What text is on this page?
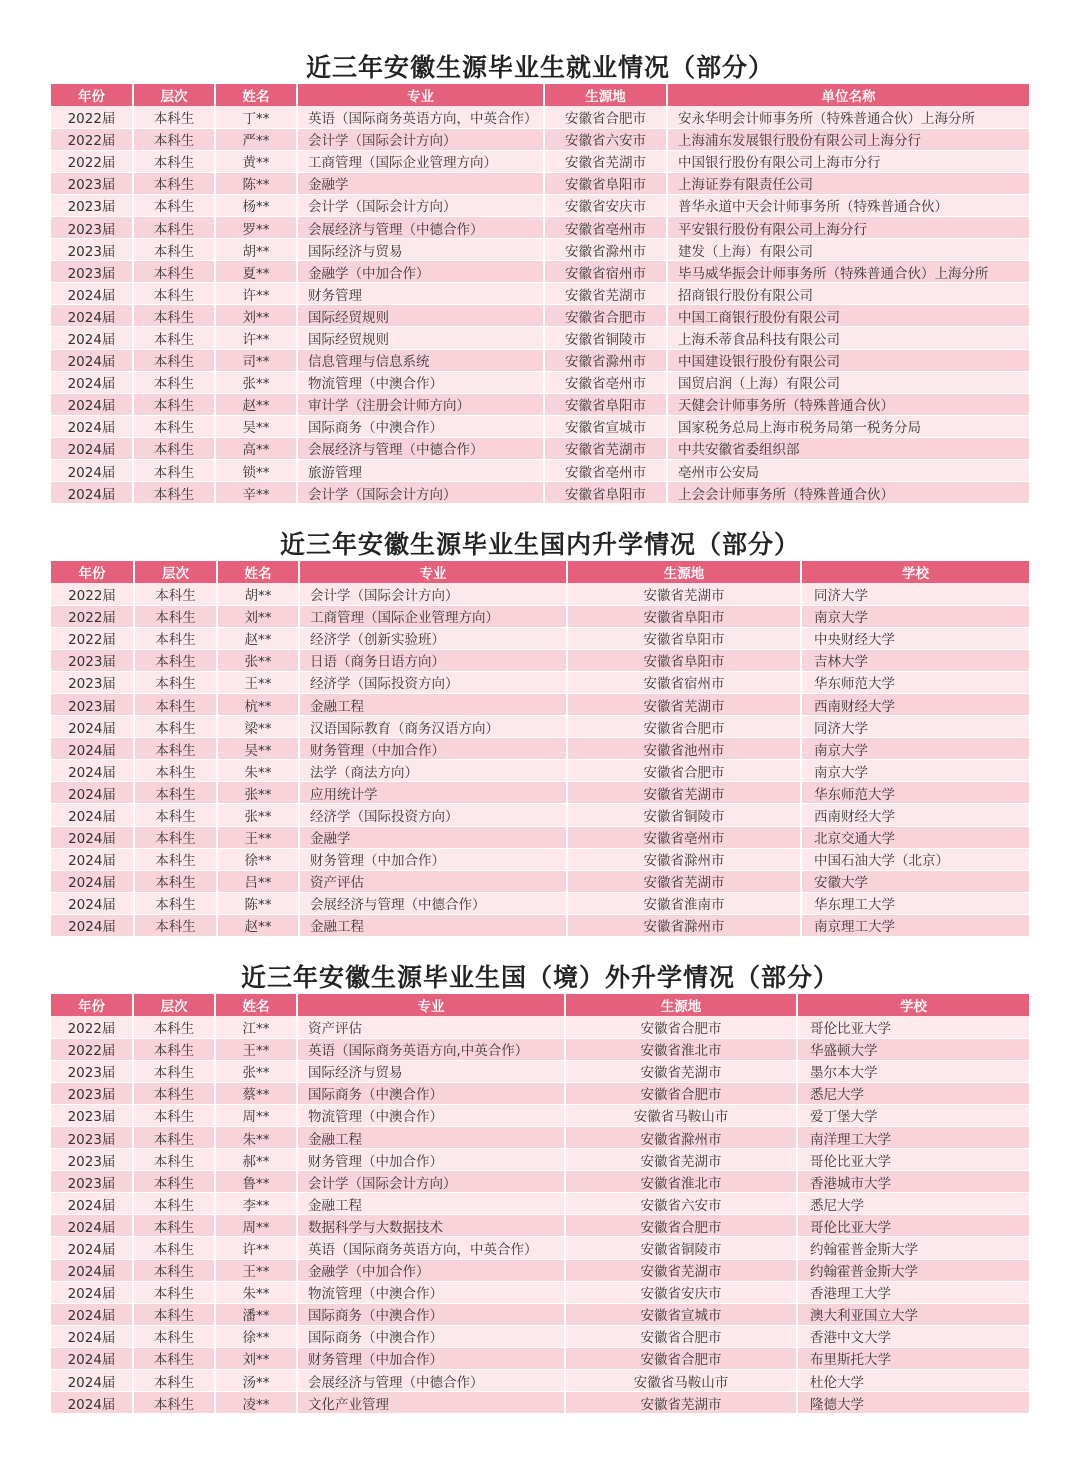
近三年安徽生源毕业生就业情况（部分）
年份	层次	姓名	专业	生源地	单位名称
2022届	本科生	丁**	英语（国际商务英语方向，中英合作）	安徽省合肥市	安永华明会计师事务所（特殊普通合伙）上海分所
2022届	本科生	严**	会计学（国际会计方向）	安徽省六安市	上海浦东发展银行股份有限公司上海分行
2022届	本科生	黄**	工商管理（国际企业管理方向）	安徽省芜湖市	中国银行股份有限公司上海市分行
2023届	本科生	陈**	金融学	安徽省阜阳市	上海证券有限责任公司
2023届	本科生	杨**	会计学（国际会计方向）	安徽省安庆市	普华永道中天会计师事务所（特殊普通合伙）
2023届	本科生	罗**	会展经济与管理（中德合作）	安徽省亳州市	平安银行股份有限公司上海分行
2023届	本科生	胡**	国际经济与贸易	安徽省滁州市	建发（上海）有限公司
2023届	本科生	夏**	金融学（中加合作）	安徽省宿州市	毕马威华振会计师事务所（特殊普通合伙）上海分所
2024届	本科生	许**	财务管理	安徽省芜湖市	招商银行股份有限公司
2024届	本科生	刘**	国际经贸规则	安徽省合肥市	中国工商银行股份有限公司
2024届	本科生	许**	国际经贸规则	安徽省铜陵市	上海禾蒂食品科技有限公司
2024届	本科生	司**	信息管理与信息系统	安徽省滁州市	中国建设银行股份有限公司
2024届	本科生	张**	物流管理（中澳合作）	安徽省亳州市	国贸启润（上海）有限公司
2024届	本科生	赵**	审计学（注册会计师方向）	安徽省阜阳市	天健会计师事务所（特殊普通合伙）
2024届	本科生	吴**	国际商务（中澳合作）	安徽省宣城市	国家税务总局上海市税务局第一税务分局
2024届	本科生	高**	会展经济与管理（中德合作）	安徽省芜湖市	中共安徽省委组织部
2024届	本科生	锁**	旅游管理	安徽省亳州市	亳州市公安局
2024届	本科生	辛**	会计学（国际会计方向）	安徽省阜阳市	上会会计师事务所（特殊普通合伙）
近三年安徽生源毕业生国内升学情况（部分）
年份	层次	姓名	专业	生源地	学校
2022届	本科生	胡**	会计学（国际会计方向）	安徽省芜湖市	同济大学
2022届	本科生	刘**	工商管理（国际企业管理方向）	安徽省阜阳市	南京大学
2022届	本科生	赵**	经济学（创新实验班）	安徽省阜阳市	中央财经大学
2023届	本科生	张**	日语（商务日语方向）	安徽省阜阳市	吉林大学
2023届	本科生	王**	经济学（国际投资方向）	安徽省宿州市	华东师范大学
2023届	本科生	杭**	金融工程	安徽省芜湖市	西南财经大学
2024届	本科生	梁**	汉语国际教育（商务汉语方向）	安徽省合肥市	同济大学
2024届	本科生	吴**	财务管理（中加合作）	安徽省池州市	南京大学
2024届	本科生	朱**	法学（商法方向）	安徽省合肥市	南京大学
2024届	本科生	张**	应用统计学	安徽省芜湖市	华东师范大学
2024届	本科生	张**	经济学（国际投资方向）	安徽省铜陵市	西南财经大学
2024届	本科生	王**	金融学	安徽省亳州市	北京交通大学
2024届	本科生	徐**	财务管理（中加合作）	安徽省滁州市	中国石油大学（北京）
2024届	本科生	吕**	资产评估	安徽省芜湖市	安徽大学
2024届	本科生	陈**	会展经济与管理（中德合作）	安徽省淮南市	华东理工大学
2024届	本科生	赵**	金融工程	安徽省滁州市	南京理工大学
近三年安徽生源毕业生国（境）外升学情况（部分）
年份	层次	姓名	专业	生源地	学校
2022届	本科生	江**	资产评估	安徽省合肥市	哥伦比亚大学
2022届	本科生	王**	英语（国际商务英语方向,中英合作）	安徽省淮北市	华盛顿大学
2023届	本科生	张**	国际经济与贸易	安徽省芜湖市	墨尔本大学
2023届	本科生	蔡**	国际商务（中澳合作）	安徽省合肥市	悉尼大学
2023届	本科生	周**	物流管理（中澳合作）	安徽省马鞍山市	爱丁堡大学
2023届	本科生	朱**	金融工程	安徽省滁州市	南洋理工大学
2023届	本科生	郝**	财务管理（中加合作）	安徽省芜湖市	哥伦比亚大学
2023届	本科生	鲁**	会计学（国际会计方向）	安徽省淮北市	香港城市大学
2024届	本科生	李**	金融工程	安徽省六安市	悉尼大学
2024届	本科生	周**	数据科学与大数据技术	安徽省合肥市	哥伦比亚大学
2024届	本科生	许**	英语（国际商务英语方向，中英合作）	安徽省铜陵市	约翰霍普金斯大学
2024届	本科生	王**	金融学（中加合作）	安徽省芜湖市	约翰霍普金斯大学
2024届	本科生	朱**	物流管理（中澳合作）	安徽省安庆市	香港理工大学
2024届	本科生	潘**	国际商务（中澳合作）	安徽省宣城市	澳大利亚国立大学
2024届	本科生	徐**	国际商务（中澳合作）	安徽省合肥市	香港中文大学
2024届	本科生	刘**	财务管理（中加合作）	安徽省合肥市	布里斯托大学
2024届	本科生	汤**	会展经济与管理（中德合作）	安徽省马鞍山市	杜伦大学
2024届	本科生	凌**	文化产业管理	安徽省芜湖市	隆德大学
